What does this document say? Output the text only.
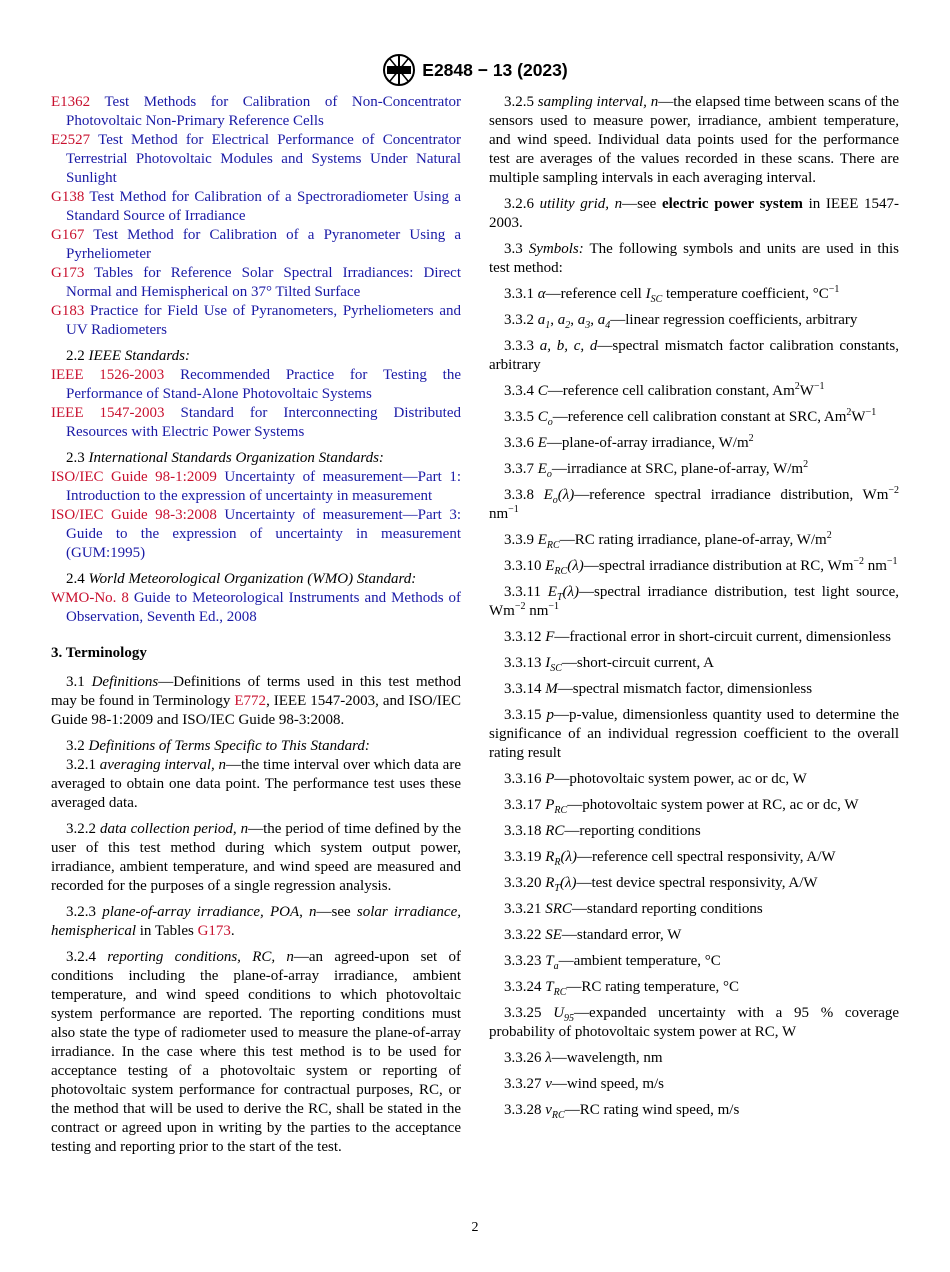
E2848 − 13 (2023)

E1362 Test Methods for Calibration of Non-Concentrator Photovoltaic Non-Primary Reference Cells

E2527 Test Method for Electrical Performance of Concentrator Terrestrial Photovoltaic Modules and Systems Under Natural Sunlight

G138 Test Method for Calibration of a Spectroradiometer Using a Standard Source of Irradiance

G167 Test Method for Calibration of a Pyranometer Using a Pyrheliometer

G173 Tables for Reference Solar Spectral Irradiances: Direct Normal and Hemispherical on 37° Tilted Surface

G183 Practice for Field Use of Pyranometers, Pyrheliometers and UV Radiometers

2.2 IEEE Standards:

IEEE 1526-2003 Recommended Practice for Testing the Performance of Stand-Alone Photovoltaic Systems

IEEE 1547-2003 Standard for Interconnecting Distributed Resources with Electric Power Systems

2.3 International Standards Organization Standards:

ISO/IEC Guide 98-1:2009 Uncertainty of measurement—Part 1: Introduction to the expression of uncertainty in measurement

ISO/IEC Guide 98-3:2008 Uncertainty of measurement—Part 3: Guide to the expression of uncertainty in measurement (GUM:1995)

2.4 World Meteorological Organization (WMO) Standard:

WMO-No. 8 Guide to Meteorological Instruments and Methods of Observation, Seventh Ed., 2008

3. Terminology

3.1 Definitions—Definitions of terms used in this test method may be found in Terminology E772, IEEE 1547-2003, and ISO/IEC Guide 98-1:2009 and ISO/IEC Guide 98-3:2008.

3.2 Definitions of Terms Specific to This Standard:

3.2.1 averaging interval, n—the time interval over which data are averaged to obtain one data point. The performance test uses these averaged data.

3.2.2 data collection period, n—the period of time defined by the user of this test method during which system output power, irradiance, ambient temperature, and wind speed are measured and recorded for the purposes of a single regression analysis.

3.2.3 plane-of-array irradiance, POA, n—see solar irradiance, hemispherical in Tables G173.

3.2.4 reporting conditions, RC, n—an agreed-upon set of conditions including the plane-of-array irradiance, ambient temperature, and wind speed conditions to which photovoltaic system performance are reported. The reporting conditions must also state the type of radiometer used to measure the plane-of-array irradiance. In the case where this test method is to be used for acceptance testing of a photovoltaic system or reporting of photovoltaic system performance for contractual purposes, RC, or the method that will be used to derive the RC, shall be stated in the contract or agreed upon in writing by the parties to the acceptance testing and reporting prior to the start of the test.

3.2.5 sampling interval, n—the elapsed time between scans of the sensors used to measure power, irradiance, ambient temperature, and wind speed. Individual data points used for the performance test are averages of the values recorded in these scans. There are multiple sampling intervals in each averaging interval.

3.2.6 utility grid, n—see electric power system in IEEE 1547-2003.

3.3 Symbols: The following symbols and units are used in this test method:

3.3.1 α—reference cell $I_{SC}$ temperature coefficient, $^\circ C^{-1}$

3.3.2 $a_1$, $a_2$, $a_3$, $a_4—linear$ regression coefficients, arbitrary

3.3.3 a, b, c, d—spectral mismatch factor calibration constants, arbitrary

3.3.4 C—reference cell calibration constant, $Am^2W^{-1}$

3.3.5 $C_o—reference$ cell calibration constant at SRC, $Am^2W^{-1}$

3.3.6 E—plane-of-array irradiance, $W/m^2$

3.3.7 $E_o—irradiance$ at SRC, plane-of-array, $W/m^2$

3.3.8 $E_o(\lambda)—reference$ spectral irradiance distribution, $Wm^{-2}$ $nm^{-1}$

3.3.9 $E_{RC}—RC$ rating irradiance, plane-of-array, $W/m^2$

3.3.10 $E_{RC}(\lambda)—spectral$ irradiance distribution at RC, $Wm^{-2}$ $nm^{-1}$

3.3.11 $E_T(\lambda)—spectral$ irradiance distribution, test light source, $Wm^{-2}$ $nm^{-1}$

3.3.12 F—fractional error in short-circuit current, dimensionless

3.3.13 $I_{SC}—short$-circuit current, A

3.3.14 M—spectral mismatch factor, dimensionless

3.3.15 p—p-value, dimensionless quantity used to determine the significance of an individual regression coefficient to the overall rating result

3.3.16 P—photovoltaic system power, ac or dc, W

3.3.17 $P_{RC}—photovoltaic$ system power at RC, ac or dc, W

3.3.18 RC—reporting conditions

3.3.19 $R_R(\lambda)—reference$ cell spectral responsivity, A/W

3.3.20 $R_T(\lambda)—test$ device spectral responsivity, A/W

3.3.21 SRC—standard reporting conditions

3.3.22 SE—standard error, W

3.3.23 $T_a—ambient$ temperature, °C

3.3.24 $T_{RC}—RC$ rating temperature, °C

3.3.25 $U_{95}—expanded$ uncertainty with a 95 % coverage probability of photovoltaic system power at RC, W

3.3.26 λ—wavelength, nm

3.3.27 v—wind speed, m/s

3.3.28 $v_{RC}—RC$ rating wind speed, m/s

2
